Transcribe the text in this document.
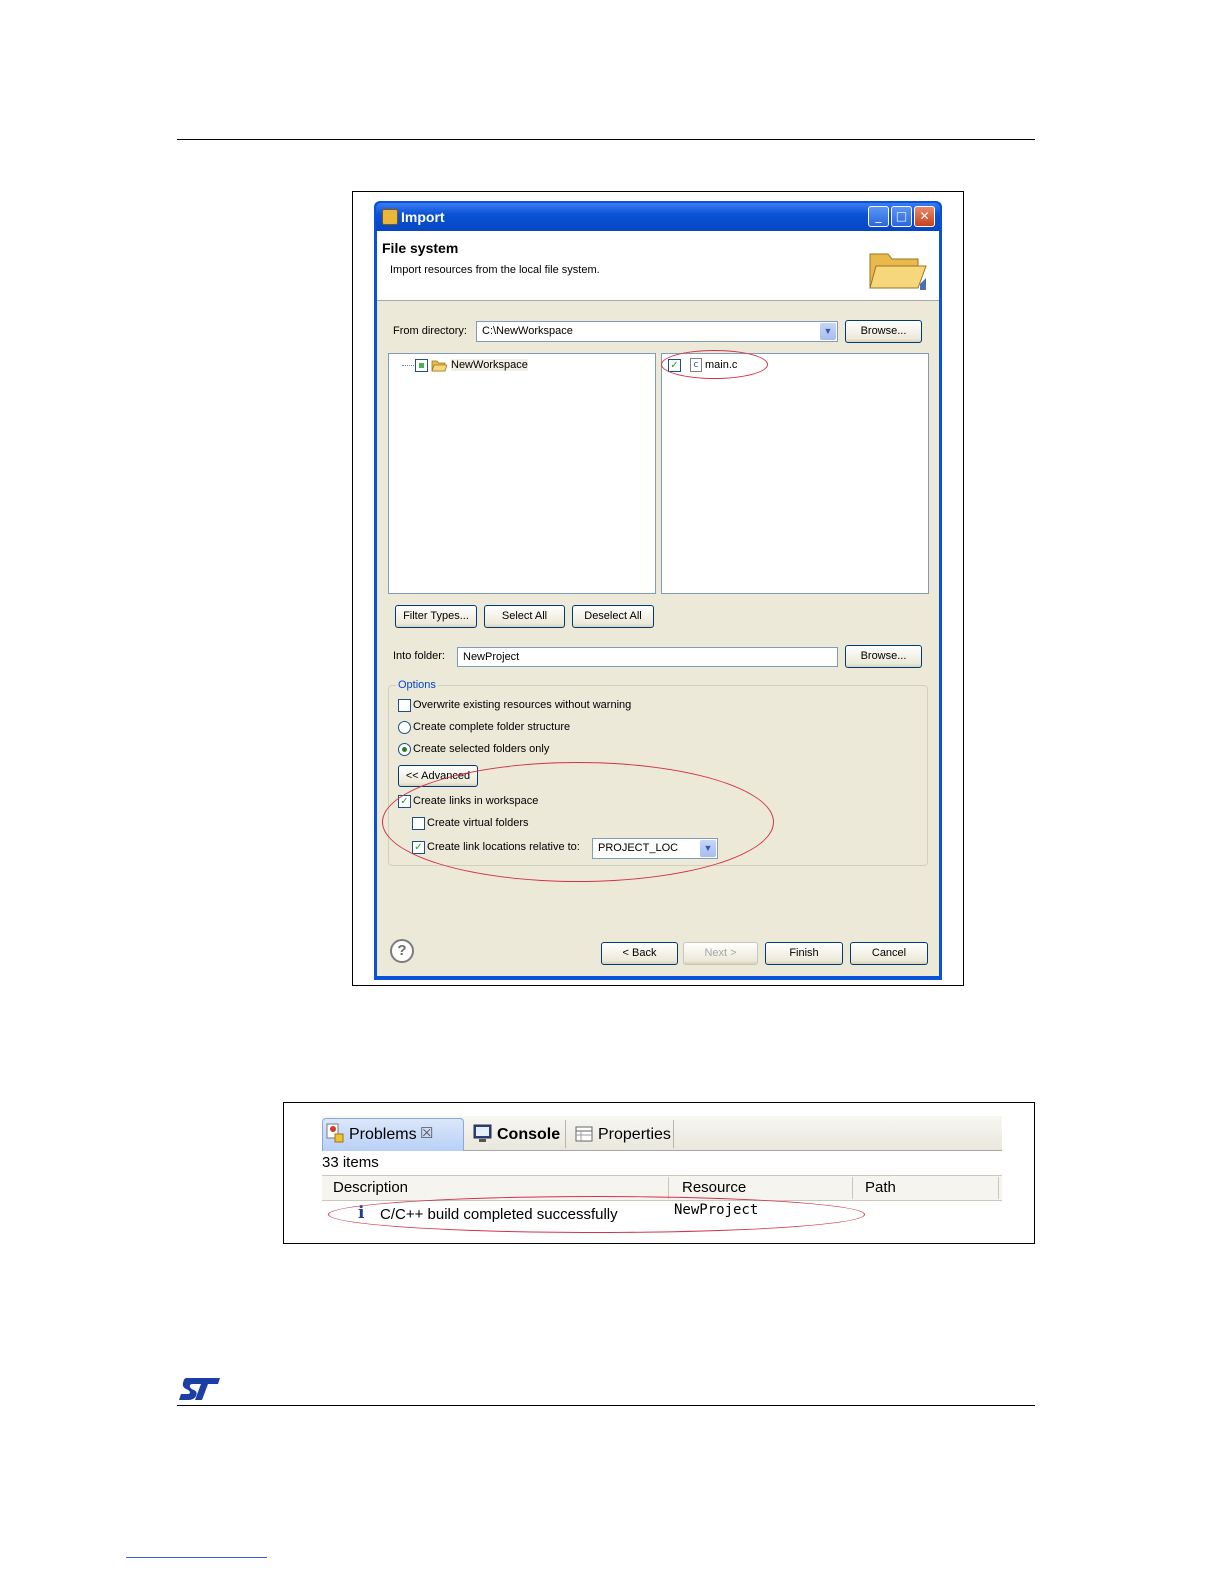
Import	_	□	✕
File system
Import resources from the local file system.
From directory:	C:\NewWorkspace	▼	Browse...
NewWorkspace	✓	c main.c
Filter Types...	Select All	Deselect All
Into folder:	NewProject	Browse...
Options
Overwrite existing resources without warning
Create complete folder structure
Create selected folders only
<< Advanced
✓ Create links in workspace
Create virtual folders
✓ Create link locations relative to:	PROJECT_LOC	▼
?	< Back	Next >	Finish	Cancel
Problems ☒	Console Properties
33 items
Description	Resource	Path
i C/C++ build completed successfully	NewProject
